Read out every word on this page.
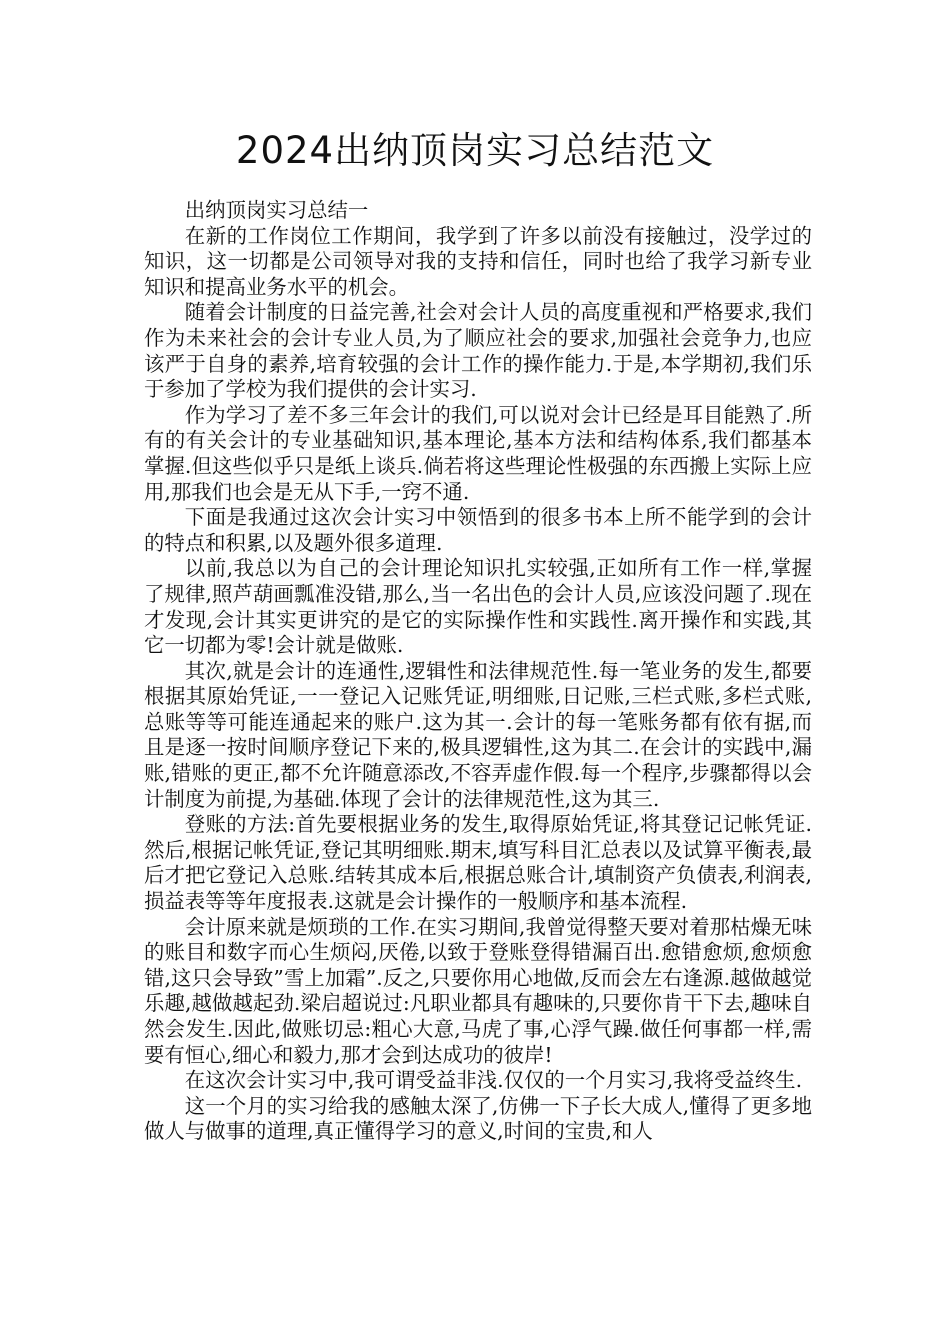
2024出纳顶岗实习总结范文

出纳顶岗实习总结一

在新的工作岗位工作期间，我学到了许多以前没有接触过，没学过的知识，这一切都是公司领导对我的支持和信任，同时也给了我学习新专业知识和提高业务水平的机会。

随着会计制度的日益完善,社会对会计人员的高度重视和严格要求,我们作为未来社会的会计专业人员,为了顺应社会的要求,加强社会竞争力,也应该严于自身的素养,培育较强的会计工作的操作能力.于是,本学期初,我们乐于参加了学校为我们提供的会计实习.

作为学习了差不多三年会计的我们,可以说对会计已经是耳目能熟了.所有的有关会计的专业基础知识,基本理论,基本方法和结构体系,我们都基本掌握.但这些似乎只是纸上谈兵.倘若将这些理论性极强的东西搬上实际上应用,那我们也会是无从下手,一窍不通.

下面是我通过这次会计实习中领悟到的很多书本上所不能学到的会计的特点和积累,以及题外很多道理.

以前,我总以为自己的会计理论知识扎实较强,正如所有工作一样,掌握了规律,照芦葫画瓢准没错,那么,当一名出色的会计人员,应该没问题了.现在才发现,会计其实更讲究的是它的实际操作性和实践性.离开操作和实践,其它一切都为零!会计就是做账.

其次,就是会计的连通性,逻辑性和法律规范性.每一笔业务的发生,都要根据其原始凭证,一一登记入记账凭证,明细账,日记账,三栏式账,多栏式账,总账等等可能连通起来的账户.这为其一.会计的每一笔账务都有依有据,而且是逐一按时间顺序登记下来的,极具逻辑性,这为其二.在会计的实践中,漏账,错账的更正,都不允许随意添改,不容弄虚作假.每一个程序,步骤都得以会计制度为前提,为基础.体现了会计的法律规范性,这为其三.

登账的方法:首先要根据业务的发生,取得原始凭证,将其登记记帐凭证.然后,根据记帐凭证,登记其明细账.期末,填写科目汇总表以及试算平衡表,最后才把它登记入总账.结转其成本后,根据总账合计,填制资产负债表,利润表,损益表等等年度报表.这就是会计操作的一般顺序和基本流程.

会计原来就是烦琐的工作.在实习期间,我曾觉得整天要对着那枯燥无味的账目和数字而心生烦闷,厌倦,以致于登账登得错漏百出.愈错愈烦,愈烦愈错,这只会导致”雪上加霜”.反之,只要你用心地做,反而会左右逢源.越做越觉乐趣,越做越起劲.梁启超说过:凡职业都具有趣味的,只要你肯干下去,趣味自然会发生.因此,做账切忌:粗心大意,马虎了事,心浮气躁.做任何事都一样,需要有恒心,细心和毅力,那才会到达成功的彼岸!

在这次会计实习中,我可谓受益非浅.仅仅的一个月实习,我将受益终生.

这一个月的实习给我的感触太深了,仿佛一下子长大成人,懂得了更多地做人与做事的道理,真正懂得学习的意义,时间的宝贵,和人
